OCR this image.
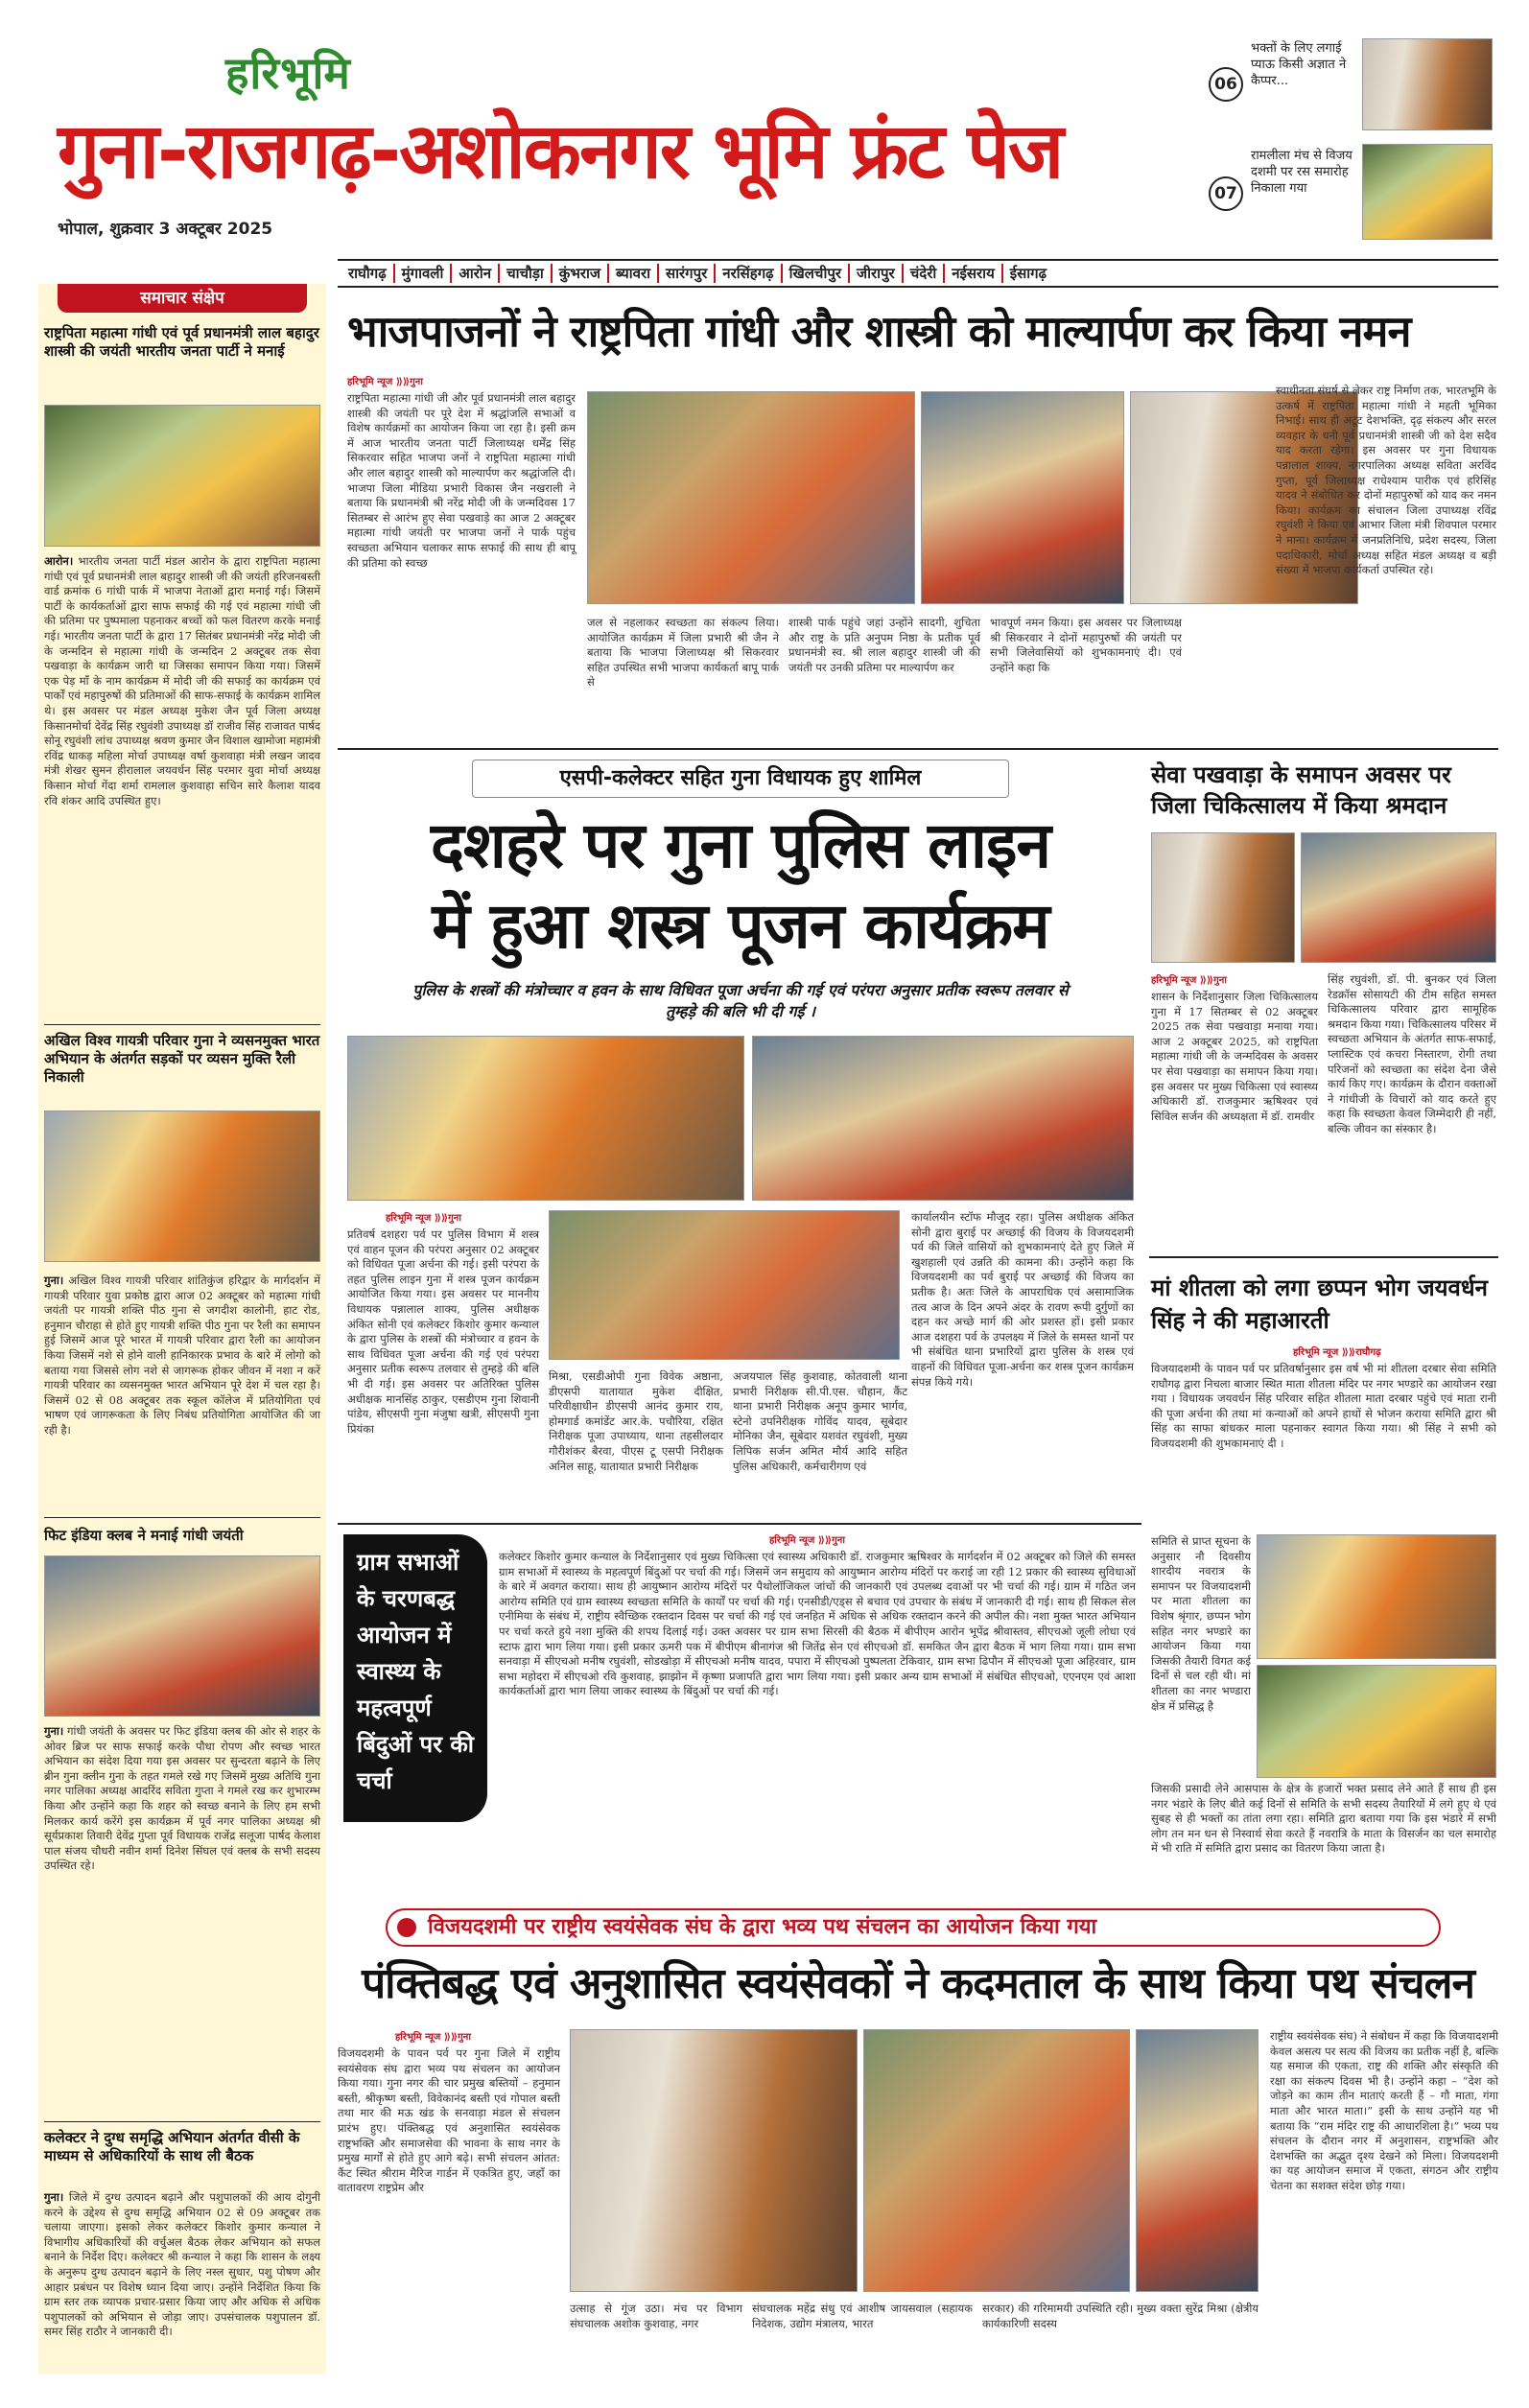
हरिभूमि
गुना-राजगढ़-अशोकनगर भूमि फ्रंट पेज
भोपाल, शुक्रवार 3 अक्टूबर 2025
06
भक्तों के लिए लगाई प्याऊ किसी अज्ञात ने कैप्पर...
07
रामलीला मंच से विजय दशमी पर रस समारोह निकाला गया
राघौगढ़	मुंगावली	आरोन	चाचौड़ा	कुंभराज	ब्यावरा	सारंगपुर	नरसिंहगढ़	खिलचीपुर	जीरापुर	चंदेरी	नईसराय	ईसागढ़
समाचार संक्षेप
राष्ट्रपिता महात्मा गांधी एवं पूर्व प्रधानमंत्री लाल बहादुर शास्त्री की जयंती भारतीय जनता पार्टी ने मनाई
आरोन। भारतीय जनता पार्टी मंडल आरोन के द्वारा राष्ट्रपिता महात्मा गांधी एवं पूर्व प्रधानमंत्री लाल बहादुर शास्त्री जी की जयंती हरिजनबस्ती वार्ड क्रमांक 6 गांधी पार्क में भाजपा नेताओं द्वारा मनाई गई। जिसमें पार्टी के कार्यकर्ताओं द्वारा साफ सफाई की गई एवं महात्मा गांधी जी की प्रतिमा पर पुष्पमाला पहनाकर बच्चों को फल वितरण करके मनाई गई। भारतीय जनता पार्टी के द्वारा 17 सितंबर प्रधानमंत्री नरेंद्र मोदी जी के जन्मदिन से महात्मा गांधी के जन्मदिन 2 अक्टूबर तक सेवा पखवाड़ा के कार्यक्रम जारी था जिसका समापन किया गया। जिसमें एक पेड़ माँ के नाम कार्यक्रम में मोदी जी की सफाई का कार्यक्रम एवं पार्कों एवं महापुरुषों की प्रतिमाओं की साफ-सफाई के कार्यक्रम शामिल थे। इस अवसर पर मंडल अध्यक्ष मुकेश जैन पूर्व जिला अध्यक्ष किसानमोर्चा देवेंद्र सिंह रघुवंशी उपाध्यक्ष डॉ राजीव सिंह राजावत पार्षद सोनू रघुवंशी लांच उपाध्यक्ष श्रवण कुमार जैन विशाल खामोजा महामंत्री रविंद्र धाकड़ महिला मोर्चा उपाध्यक्ष वर्षा कुशवाहा मंत्री लखन जादव मंत्री शेखर सुमन हीरालाल जयवर्धन सिंह परमार युवा मोर्चा अध्यक्ष किसान मोर्चा गेंदा शर्मा रामलाल कुशवाहा सचिन सारे कैलाश यादव रवि शंकर आदि उपस्थित हुए।
अखिल विश्व गायत्री परिवार गुना ने व्यसनमुक्त भारत अभियान के अंतर्गत सड़कों पर व्यसन मुक्ति रैली निकाली
गुना। अखिल विश्व गायत्री परिवार शांतिकुंज हरिद्वार के मार्गदर्शन में गायत्री परिवार युवा प्रकोष्ठ द्वारा आज 02 अक्टूबर को महात्मा गांधी जयंती पर गायत्री शक्ति पीठ गुना से जगदीश कालोनी, हाट रोड, हनुमान चौराहा से होते हुए गायत्री शक्ति पीठ गुना पर रैली का समापन हुई जिसमें आज पूरे भारत में गायत्री परिवार द्वारा रैली का आयोजन किया जिसमें नशे से होने वाली हानिकारक प्रभाव के बारे में लोगो को बताया गया जिससे लोग नशे से जागरूक होकर जीवन में नशा न करें गायत्री परिवार का व्यसनमुक्त भारत अभियान पूरे देश में चल रहा है। जिसमें 02 से 08 अक्टूबर तक स्कूल कॉलेज में प्रतियोगिता एवं भाषण एवं जागरूकता के लिए निबंध प्रतियोगिता आयोजित की जा रही है।
फिट इंडिया क्लब ने मनाई गांधी जयंती
गुना। गांधी जयंती के अवसर पर फिट इंडिया क्लब की ओर से शहर के ओवर ब्रिज पर साफ सफाई करके पौधा रोपण और स्वच्छ भारत अभियान का संदेश दिया गया इस अवसर पर सुन्दरता बढ़ाने के लिए ब्रीन गुना क्लीन गुना के तहत गमले रखे गए जिसमें मुख्य अतिथि गुना नगर पालिका अध्यक्ष आदरिंद सविता गुप्ता ने गमले रख कर शुभारम्भ किया और उन्होंने कहा कि शहर को स्वच्छ बनाने के लिए हम सभी मिलकर कार्य करेंगे इस कार्यक्रम में पूर्व नगर पालिका अध्यक्ष श्री सूर्यप्रकाश तिवारी देवेंद्र गुप्ता पूर्व विधायक राजेंद्र सलूजा पार्षद केलाश पाल संजय चौधरी नवीन शर्मा दिनेश सिंघल एवं क्लब के सभी सदस्य उपस्थित रहे।
कलेक्टर ने दुग्ध समृद्धि अभियान अंतर्गत वीसी के माध्यम से अधिकारियों के साथ ली बैठक
गुना। जिले में दुग्ध उत्पादन बढ़ाने और पशुपालकों की आय दोगुनी करने के उद्देश्य से दुग्ध समृद्धि अभियान 02 से 09 अक्टूबर तक चलाया जाएगा। इसको लेकर कलेक्टर किशोर कुमार कन्याल ने विभागीय अधिकारियों की वर्चुअल बैठक लेकर अभियान को सफल बनाने के निर्देश दिए। कलेक्टर श्री कन्याल ने कहा कि शासन के लक्ष्य के अनुरूप दुग्ध उत्पादन बढ़ाने के लिए नस्ल सुधार, पशु पोषण और आहार प्रबंधन पर विशेष ध्यान दिया जाए। उन्होंने निर्देशित किया कि ग्राम स्तर तक व्यापक प्रचार-प्रसार किया जाए और अधिक से अधिक पशुपालकों को अभियान से जोड़ा जाए। उपसंचालक पशुपालन डॉ. समर सिंह राठौर ने जानकारी दी।
भाजपाजनों ने राष्ट्रपिता गांधी और शास्त्री को माल्यार्पण कर किया नमन
हरिभूमि न्यूज ⟫⟫गुना
राष्ट्रपिता महात्मा गांधी जी और पूर्व प्रधानमंत्री लाल बहादुर शास्त्री की जयंती पर पूरे देश में श्रद्धांजलि सभाओं व विशेष कार्यक्रमों का आयोजन किया जा रहा है। इसी क्रम में आज भारतीय जनता पार्टी जिलाध्यक्ष धर्मेंद्र सिंह सिकरवार सहित भाजपा जनों ने राष्ट्रपिता महात्मा गांधी और लाल बहादुर शास्त्री को माल्यार्पण कर श्रद्धांजलि दी। भाजपा जिला मीडिया प्रभारी विकास जैन नखराली ने बताया कि प्रधानमंत्री श्री नरेंद्र मोदी जी के जन्मदिवस 17 सितम्बर से आरंभ हुए सेवा पखवाड़े का आज 2 अक्टूबर महात्मा गांधी जयंती पर भाजपा जनों ने पार्क पहुंच स्वच्छता अभियान चलाकर साफ सफाई की साथ ही बापू की प्रतिमा को स्वच्छ
जल से नहलाकर स्वच्छता का संकल्प लिया। आयोजित कार्यक्रम में जिला प्रभारी श्री जैन ने बताया कि भाजपा जिलाध्यक्ष श्री सिकरवार सहित उपस्थित सभी भाजपा कार्यकर्ता बापू पार्क से
शास्त्री पार्क पहुंचे जहां उन्होंने सादगी, शुचिता और राष्ट्र के प्रति अनुपम निष्ठा के प्रतीक पूर्व प्रधानमंत्री स्व. श्री लाल बहादुर शास्त्री जी की जयंती पर उनकी प्रतिमा पर माल्यार्पण कर
भावपूर्ण नमन किया। इस अवसर पर जिलाध्यक्ष श्री सिकरवार ने दोनों महापुरुषों की जयंती पर सभी जिलेवासियों को शुभकामनाएं दी। एवं उन्होंने कहा कि
स्वाधीनता संघर्ष से लेकर राष्ट्र निर्माण तक, भारतभूमि के उत्कर्ष में राष्ट्रपिता महात्मा गांधी ने महती भूमिका निभाई। साथ ही अटूट देशभक्ति, दृढ़ संकल्प और सरल व्यवहार के धनी पूर्व प्रधानमंत्री शास्त्री जी को देश सदैव याद करता रहेगा। इस अवसर पर गुना विधायक पन्नालाल शाक्य, नगरपालिका अध्यक्ष सविता अरविंद गुप्ता, पूर्व जिलाध्यक्ष राधेश्याम पारीक एवं हरिसिंह यादव ने संबोधित कर दोनों महापुरुषों को याद कर नमन किया। कार्यक्रम का संचालन जिला उपाध्यक्ष रविंद्र रघुवंशी ने किया एवं आभार जिला मंत्री शिवपाल परमार ने माना। कार्यक्रम में जनप्रतिनिधि, प्रदेश सदस्य, जिला पदाधिकारी, मोर्चा अध्यक्ष सहित मंडल अध्यक्ष व बड़ी संख्या में भाजपा कार्यकर्ता उपस्थित रहे।
एसपी-कलेक्टर सहित गुना विधायक हुए शामिल
दशहरे पर गुना पुलिस लाइन
में हुआ शस्त्र पूजन कार्यक्रम
पुलिस के शस्त्रों की मंत्रोच्चार व हवन के साथ विधिवत पूजा अर्चना की गई एवं परंपरा अनुसार प्रतीक स्वरूप तलवार से तुम्हड़े की बलि भी दी गई ।
हरिभूमि न्यूज ⟫⟫गुना
प्रतिवर्ष दशहरा पर्व पर पुलिस विभाग में शस्त्र एवं वाहन पूजन की परंपरा अनुसार 02 अक्टूबर को विधिवत पूजा अर्चना की गई। इसी परंपरा के तहत पुलिस लाइन गुना में शस्त्र पूजन कार्यक्रम आयोजित किया गया। इस अवसर पर माननीय विधायक पन्नालाल शाक्य, पुलिस अधीक्षक अंकित सोनी एवं कलेक्टर किशोर कुमार कन्याल के द्वारा पुलिस के शस्त्रों की मंत्रोच्चार व हवन के साथ विधिवत पूजा अर्चना की गई एवं परंपरा अनुसार प्रतीक स्वरूप तलवार से तुम्हड़े की बलि भी दी गई। इस अवसर पर अतिरिक्त पुलिस अधीक्षक मानसिंह ठाकुर, एसडीएम गुना शिवानी पांडेय, सीएसपी गुना मंजुषा खत्री, सीएसपी गुना प्रियंका
कार्यालयीन स्टॉफ मौजूद रहा। पुलिस अधीक्षक अंकित सोनी द्वारा बुराई पर अच्छाई की विजय के विजयदशमी पर्व की जिले वासियों को शुभकामनाएं देते हुए जिले में खुशहाली एवं उन्नति की कामना की। उन्होंने कहा कि विजयदशमी का पर्व बुराई पर अच्छाई की विजय का प्रतीक है। अतः जिले के आपराधिक एवं असामाजिक तत्व आज के दिन अपने अंदर के रावण रूपी दुर्गुणों का दहन कर अच्छे मार्ग की ओर प्रशस्त हों। इसी प्रकार आज दशहरा पर्व के उपलक्ष्य में जिले के समस्त थानों पर भी संबंधित थाना प्रभारियों द्वारा पुलिस के शस्त्र एवं वाहनों की विधिवत पूजा-अर्चना कर शस्त्र पूजन कार्यक्रम संपन्न किये गये।
मिश्रा, एसडीओपी गुना विवेक अष्ठाना, डीएसपी यातायात मुकेश दीक्षित, परिवीक्षाधीन डीएसपी आनंद कुमार राय, होमगार्ड कमांडेंट आर.के. पचौरिया, रक्षित निरीक्षक पूजा उपाध्याय, थाना तहसीलदार गौरीशंकर बैरवा, पीएस टू एसपी निरीक्षक अनिल साहू, यातायात प्रभारी निरीक्षक
अजयपाल सिंह कुशवाह, कोतवाली थाना प्रभारी निरीक्षक सी.पी.एस. चौहान, कैंट थाना प्रभारी निरीक्षक अनूप कुमार भार्गव, स्टेनो उपनिरीक्षक गोविंद यादव, सूबेदार मोनिका जैन, सूबेदार यशवंत रघुवंशी, मुख्य लिपिक सर्जन अमित मौर्य आदि सहित पुलिस अधिकारी, कर्मचारीगण एवं
सेवा पखवाड़ा के समापन अवसर पर जिला चिकित्सालय में किया श्रमदान
हरिभूमि न्यूज ⟫⟫गुना
शासन के निर्देशानुसार जिला चिकित्सालय गुना में 17 सितम्बर से 02 अक्टूबर 2025 तक सेवा पखवाड़ा मनाया गया। आज 2 अक्टूबर 2025, को राष्ट्रपिता महात्मा गांधी जी के जन्मदिवस के अवसर पर सेवा पखवाड़ा का समापन किया गया। इस अवसर पर मुख्य चिकित्सा एवं स्वास्थ्य अधिकारी डॉ. राजकुमार ऋषिश्वर एवं सिविल सर्जन की अध्यक्षता में डॉ. रामवीर
सिंह रघुवंशी, डॉ. पी. बुनकर एवं जिला रेडक्रॉस सोसायटी की टीम सहित समस्त चिकित्सालय परिवार द्वारा सामूहिक श्रमदान किया गया। चिकित्सालय परिसर में स्वच्छता अभियान के अंतर्गत साफ-सफाई, प्लास्टिक एवं कचरा निस्तारण, रोगी तथा परिजनों को स्वच्छता का संदेश देना जैसे कार्य किए गए। कार्यक्रम के दौरान वक्ताओं ने गांधीजी के विचारों को याद करते हुए कहा कि स्वच्छता केवल जिम्मेदारी ही नहीं, बल्कि जीवन का संस्कार है।
मां शीतला को लगा छप्पन भोग जयवर्धन सिंह ने की महाआरती
हरिभूमि न्यूज ⟫⟫राघौगढ़
विजयादशमी के पावन पर्व पर प्रतिवर्षानुसार इस वर्ष भी मां शीतला दरबार सेवा समिति राघौगढ़ द्वारा निचला बाजार स्थित माता शीतला मंदिर पर नगर भण्डारे का आयोजन रखा गया । विधायक जयवर्धन सिंह परिवार सहित शीतला माता दरबार पहुंचे एवं माता रानी की पूजा अर्चना की तथा मां कन्याओं को अपने हाथों से भोजन कराया समिति द्वारा श्री सिंह का साफा बांधकर माला पहनाकर स्वागत किया गया। श्री सिंह ने सभी को विजयदशमी की शुभकामनाएं दी ।
समिति से प्राप्त सूचना के अनुसार नौ दिवसीय शारदीय नवरात्र के समापन पर विजयादशमी पर माता शीतला का विशेष श्रृंगार, छप्पन भोग सहित नगर भण्डारे का आयोजन किया गया जिसकी तैयारी विगत कई दिनों से चल रही थी। मां शीतला का नगर भण्डारा क्षेत्र में प्रसिद्ध है
जिसकी प्रसादी लेने आसपास के क्षेत्र के हजारों भक्त प्रसाद लेने आते हैं साथ ही इस नगर भंडारे के लिए बीते कई दिनों से समिति के सभी सदस्य तैयारियों में लगे हुए थे एवं सुबह से ही भक्तों का तांता लगा रहा। समिति द्वारा बताया गया कि इस भंडारे में सभी लोग तन मन धन से निस्वार्थ सेवा करते हैं नवरात्रि के माता के विसर्जन का चल समारोह में भी राति में समिति द्वारा प्रसाद का वितरण किया जाता है।
ग्राम सभाओं के चरणबद्ध आयोजन में स्वास्थ्य के महत्वपूर्ण बिंदुओं पर की चर्चा
हरिभूमि न्यूज ⟫⟫गुना
कलेक्टर किशोर कुमार कन्याल के निर्देशानुसार एवं मुख्य चिकित्सा एवं स्वास्थ्य अधिकारी डॉ. राजकुमार ऋषिश्वर के मार्गदर्शन में 02 अक्टूबर को जिले की समस्त ग्राम सभाओं में स्वास्थ्य के महत्वपूर्ण बिंदुओं पर चर्चा की गई। जिसमें जन समुदाय को आयुष्मान आरोग्य मंदिरों पर कराई जा रही 12 प्रकार की स्वास्थ्य सुविधाओं के बारे में अवगत कराया। साथ ही आयुष्मान आरोग्य मंदिरों पर पैथोलॉजिकल जांचों की जानकारी एवं उपलब्ध दवाओं पर भी चर्चा की गई। ग्राम में गठित जन आरोग्य समिति एवं ग्राम स्वास्थ्य स्वच्छता समिति के कार्यों पर चर्चा की गई। एनसीडी/एड्स से बचाव एवं उपचार के संबंध में जानकारी दी गई। साथ ही सिकल सेल एनीमिया के संबंध में, राष्ट्रीय स्वैच्छिक रक्तदान दिवस पर चर्चा की गई एवं जनहित में अधिक से अधिक रक्तदान करने की अपील की। नशा मुक्त भारत अभियान पर चर्चा करते हुये नशा मुक्ति की शपथ दिलाई गई। उक्त अवसर पर ग्राम सभा सिरसी की बैठक में बीपीएम आरोन भूपेंद्र श्रीवास्तव, सीएचओ जूली लोधा एवं स्टाफ द्वारा भाग लिया गया। इसी प्रकार ऊमरी पक में बीपीएम बीनागंज श्री जितेंद्र सेन एवं सीएचओ डॉ. समकित जैन द्वारा बैठक में भाग लिया गया। ग्राम सभा सनवाड़ा में सीएचओ मनीष रघुवंशी, सोडखोड़ा में सीएचओ मनीष यादव, पपारा में सीएचओ पुष्पलता टेकिवार, ग्राम सभा ढिपौन में सीएचओ पूजा अहिरवार, ग्राम सभा महोदरा में सीएचओ रवि कुशवाह, झाझोन में कृष्णा प्रजापति द्वारा भाग लिया गया। इसी प्रकार अन्य ग्राम सभाओं में संबंधित सीएचओ, एएनएम एवं आशा कार्यकर्ताओं द्वारा भाग लिया जाकर स्वास्थ्य के बिंदुओं पर चर्चा की गई।
विजयदशमी पर राष्ट्रीय स्वयंसेवक संघ के द्वारा भव्य पथ संचलन का आयोजन किया गया
पंक्तिबद्ध एवं अनुशासित स्वयंसेवकों ने कदमताल के साथ किया पथ संचलन
हरिभूमि न्यूज ⟫⟫गुना
विजयदशमी के पावन पर्व पर गुना जिले में राष्ट्रीय स्वयंसेवक संघ द्वारा भव्य पथ संचलन का आयोजन किया गया। गुना नगर की चार प्रमुख बस्तियों – हनुमान बस्ती, श्रीकृष्ण बस्ती, विवेकानंद बस्ती एवं गोपाल बस्ती तथा मार की मऊ खंड के सनवाड़ा मंडल से संचलन प्रारंभ हुए। पंक्तिबद्ध एवं अनुशासित स्वयंसेवक राष्ट्रभक्ति और समाजसेवा की भावना के साथ नगर के प्रमुख मार्गों से होते हुए आगे बढ़े। सभी संचलन आंतत: कैंट स्थित श्रीराम मैरिज गार्डन में एकत्रित हुए, जहाँ का वातावरण राष्ट्रप्रेम और
उत्साह से गूंज उठा। मंच पर विभाग संघचालक अशोक कुशवाह, नगर
संघचालक महेंद्र संधु एवं आशीष जायसवाल (सहायक निदेशक, उद्योग मंत्रालय, भारत
सरकार) की गरिमामयी उपस्थिति रही। मुख्य वक्ता सुरेंद्र मिश्रा (क्षेत्रीय कार्यकारिणी सदस्य
राष्ट्रीय स्वयंसेवक संघ) ने संबोधन में कहा कि विजयादशमी केवल असत्य पर सत्य की विजय का प्रतीक नहीं है, बल्कि यह समाज की एकता, राष्ट्र की शक्ति और संस्कृति की रक्षा का संकल्प दिवस भी है। उन्होंने कहा – “देश को जोड़ने का काम तीन माताएं करती हैं – गौ माता, गंगा माता और भारत माता।” इसी के साथ उन्होंने यह भी बताया कि “राम मंदिर राष्ट्र की आधारशिला है।” भव्य पथ संचलन के दौरान नगर में अनुशासन, राष्ट्रभक्ति और देशभक्ति का अद्भुत दृश्य देखने को मिला। विजयदशमी का यह आयोजन समाज में एकता, संगठन और राष्ट्रीय चेतना का सशक्त संदेश छोड़ गया।
